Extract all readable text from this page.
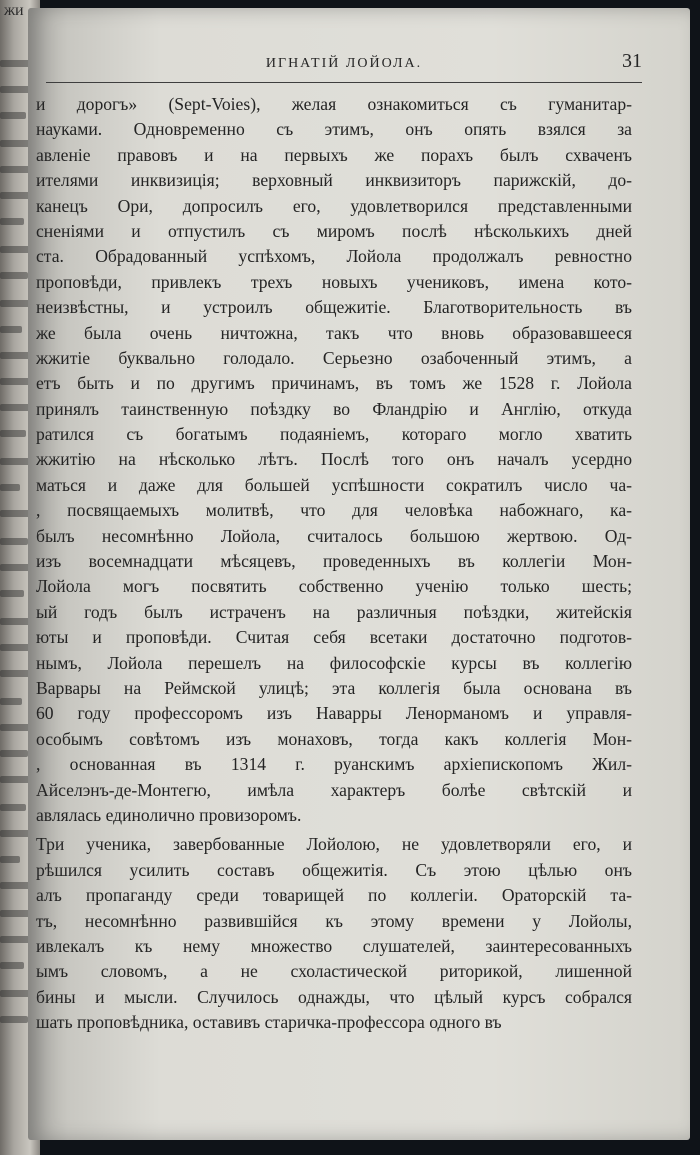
жи
ИГНАТІЙ ЛОЙОЛА.	31
и дорогъ» (Sept-Voies), желая ознакомиться съ гуманитар-
науками. Одновременно съ этимъ, онъ опять взялся за
авленіе правовъ и на первыхъ же порахъ былъ схваченъ
ителями инквизиція; верховный инквизиторъ парижскій, до-
канецъ Ори, допросилъ его, удовлетворился представленными
сненіями и отпустилъ съ миромъ послѣ нѣсколькихъ дней
ста. Обрадованный успѣхомъ, Лойола продолжалъ ревностно
проповѣди, привлекъ трехъ новыхъ учениковъ, имена кото-
неизвѣстны, и устроилъ общежитіе. Благотворительность въ
же была очень ничтожна, такъ что вновь образовавшееся
жжитіе буквально голодало. Серьезно озабоченный этимъ, а
етъ быть и по другимъ причинамъ, въ томъ же 1528 г. Лойола
принялъ таинственную поѣздку во Фландрію и Англію, откуда
ратился съ богатымъ подаяніемъ, котораго могло хватить
жжитію на нѣсколько лѣтъ. Послѣ того онъ началъ усердно
маться и даже для большей успѣшности сократилъ число ча-
, посвящаемыхъ молитвѣ, что для человѣка набожнаго, ка-
былъ несомнѣнно Лойола, считалось большою жертвою. Од-
изъ восемнадцати мѣсяцевъ, проведенныхъ въ коллегіи Мон-
Лойола могъ посвятить собственно ученію только шесть;
ый годъ былъ истраченъ на различныя поѣздки, житейскія
юты и проповѣди. Считая себя всетаки достаточно подготов-
нымъ, Лойола перешелъ на философскіе курсы въ коллегію
Варвары на Реймской улицѣ; эта коллегія была основана въ
60 году профессоромъ изъ Наварры Ленорманомъ и управля-
особымъ совѣтомъ изъ монаховъ, тогда какъ коллегія Мон-
, основанная въ 1314 г. руанскимъ архіепископомъ Жил-
Айселэнъ-де-Монтегю, имѣла характеръ болѣе свѣтскій и
авлялась единолично провизоромъ.
Три ученика, завербованные Лойолою, не удовлетворяли его, и
рѣшился усилить составъ общежитія. Съ этою цѣлью онъ
алъ пропаганду среди товарищей по коллегіи. Ораторскій та-
тъ, несомнѣнно развившійся къ этому времени у Лойолы,
ивлекалъ къ нему множество слушателей, заинтересованныхъ
ымъ словомъ, а не схоластической риторикой, лишенной
бины и мысли. Случилось однажды, что цѣлый курсъ собрался
шать проповѣдника, оставивъ старичка-профессора одного въ
